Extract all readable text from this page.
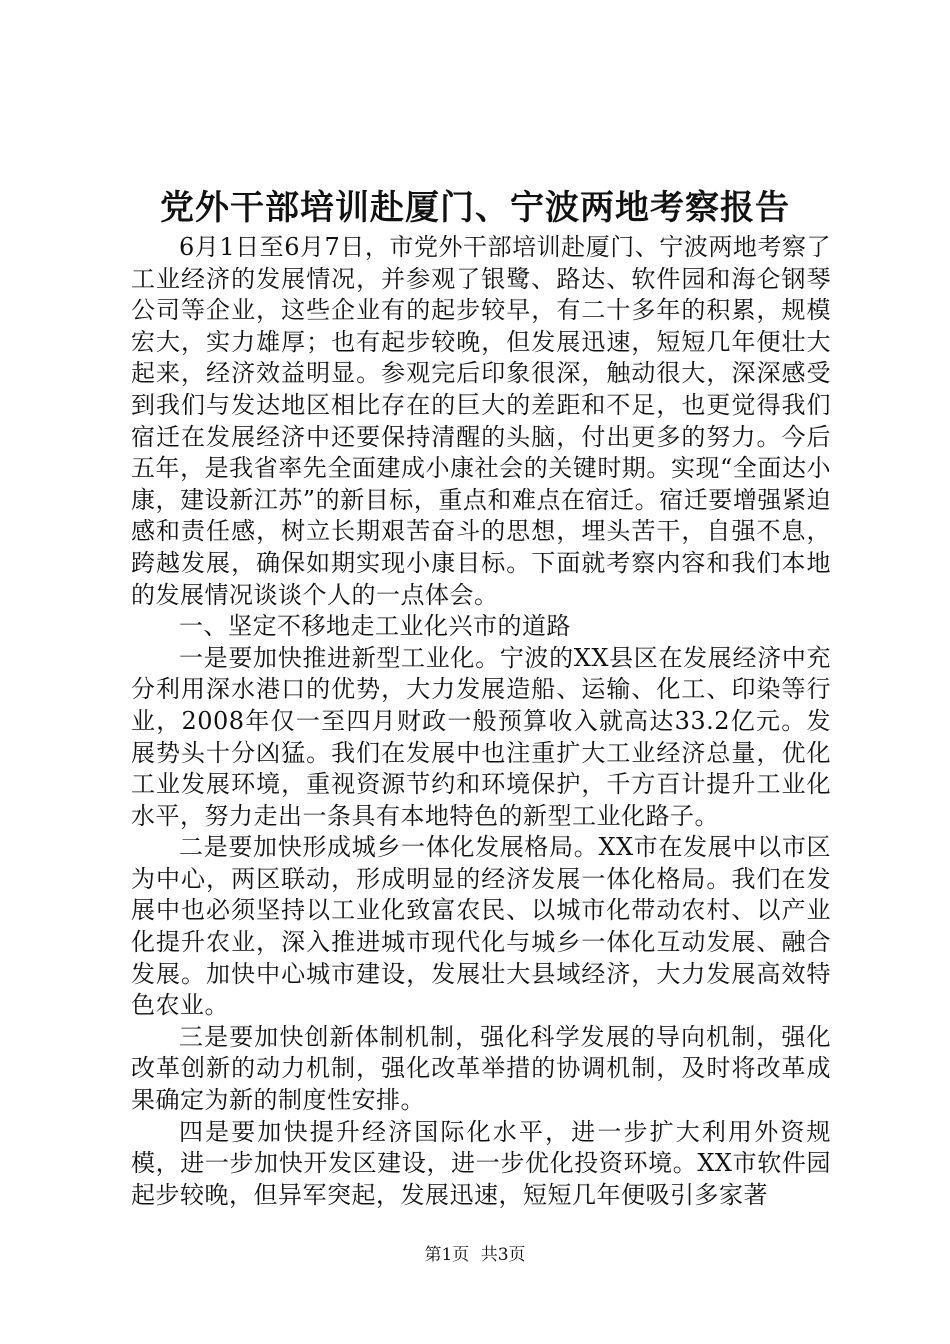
党外干部培训赴厦门、宁波两地考察报告

6月1日至6月7日，市党外干部培训赴厦门、宁波两地考察了工业经济的发展情况，并参观了银鹭、路达、软件园和海仑钢琴公司等企业，这些企业有的起步较早，有二十多年的积累，规模宏大，实力雄厚；也有起步较晚，但发展迅速，短短几年便壮大起来，经济效益明显。参观完后印象很深，触动很大，深深感受到我们与发达地区相比存在的巨大的差距和不足，也更觉得我们宿迁在发展经济中还要保持清醒的头脑，付出更多的努力。今后五年，是我省率先全面建成小康社会的关键时期。实现“全面达小康，建设新江苏”的新目标，重点和难点在宿迁。宿迁要增强紧迫感和责任感，树立长期艰苦奋斗的思想，埋头苦干，自强不息，跨越发展，确保如期实现小康目标。下面就考察内容和我们本地的发展情况谈谈个人的一点体会。

一、坚定不移地走工业化兴市的道路

一是要加快推进新型工业化。宁波的XX县区在发展经济中充分利用深水港口的优势，大力发展造船、运输、化工、印染等行业，2008年仅一至四月财政一般预算收入就高达33.2亿元。发展势头十分凶猛。我们在发展中也注重扩大工业经济总量，优化工业发展环境，重视资源节约和环境保护，千方百计提升工业化水平，努力走出一条具有本地特色的新型工业化路子。

二是要加快形成城乡一体化发展格局。XX市在发展中以市区为中心，两区联动，形成明显的经济发展一体化格局。我们在发展中也必须坚持以工业化致富农民、以城市化带动农村、以产业化提升农业，深入推进城市现代化与城乡一体化互动发展、融合发展。加快中心城市建设，发展壮大县域经济，大力发展高效特色农业。

三是要加快创新体制机制，强化科学发展的导向机制，强化改革创新的动力机制，强化改革举措的协调机制，及时将改革成果确定为新的制度性安排。

四是要加快提升经济国际化水平，进一步扩大利用外资规模，进一步加快开发区建设，进一步优化投资环境。XX市软件园起步较晚，但异军突起，发展迅速，短短几年便吸引多家著

第1页 共3页
